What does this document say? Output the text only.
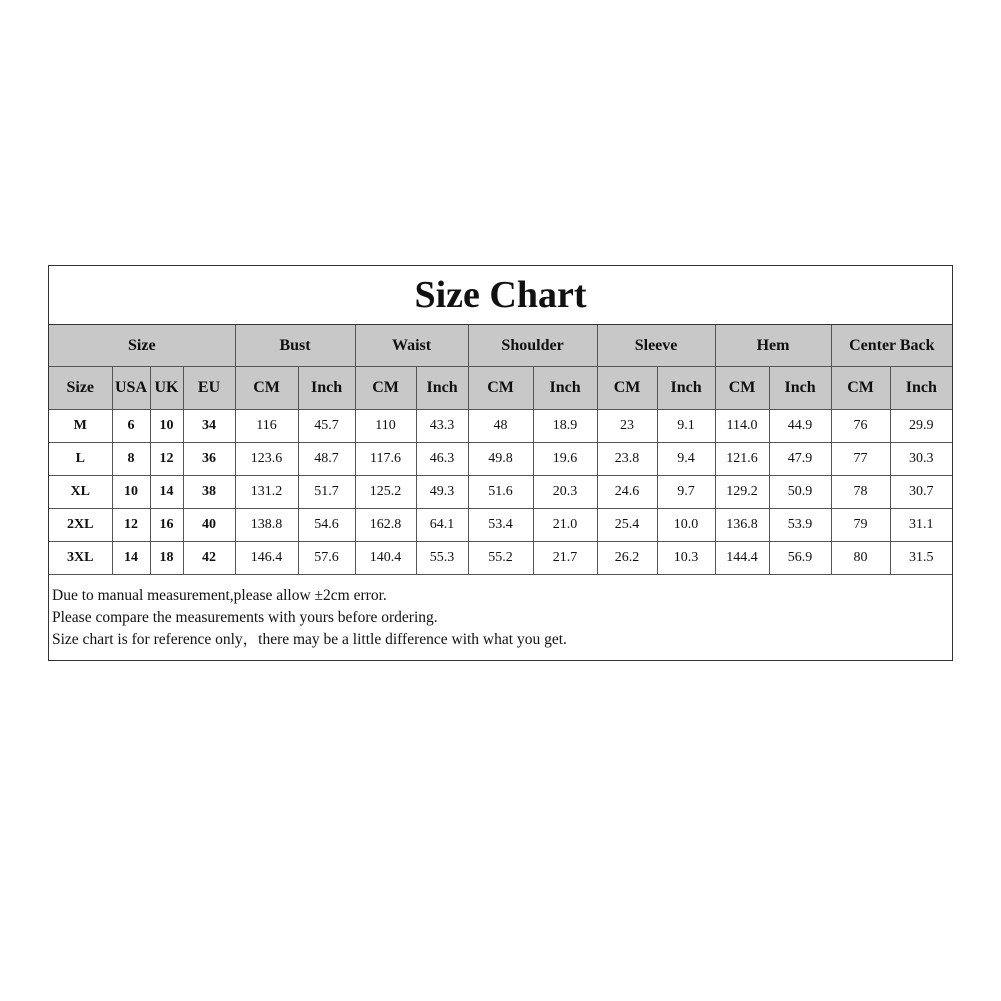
Size Chart
Size				Bust		Waist		Shoulder		Sleeve		Hem		Center Back	
Size	USA	UK	EU	CM	Inch	CM	Inch	CM	Inch	CM	Inch	CM	Inch	CM	Inch
M	6	10	34	116	45.7	110	43.3	48	18.9	23	9.1	114.0	44.9	76	29.9
L	8	12	36	123.6	48.7	117.6	46.3	49.8	19.6	23.8	9.4	121.6	47.9	77	30.3
XL	10	14	38	131.2	51.7	125.2	49.3	51.6	20.3	24.6	9.7	129.2	50.9	78	30.7
2XL	12	16	40	138.8	54.6	162.8	64.1	53.4	21.0	25.4	10.0	136.8	53.9	79	31.1
3XL	14	18	42	146.4	57.6	140.4	55.3	55.2	21.7	26.2	10.3	144.4	56.9	80	31.5
Due to manual measurement,please allow ±2cm error.
Please compare the measurements with yours before ordering.
Size chart is for reference only，there may be a little difference with what you get.
